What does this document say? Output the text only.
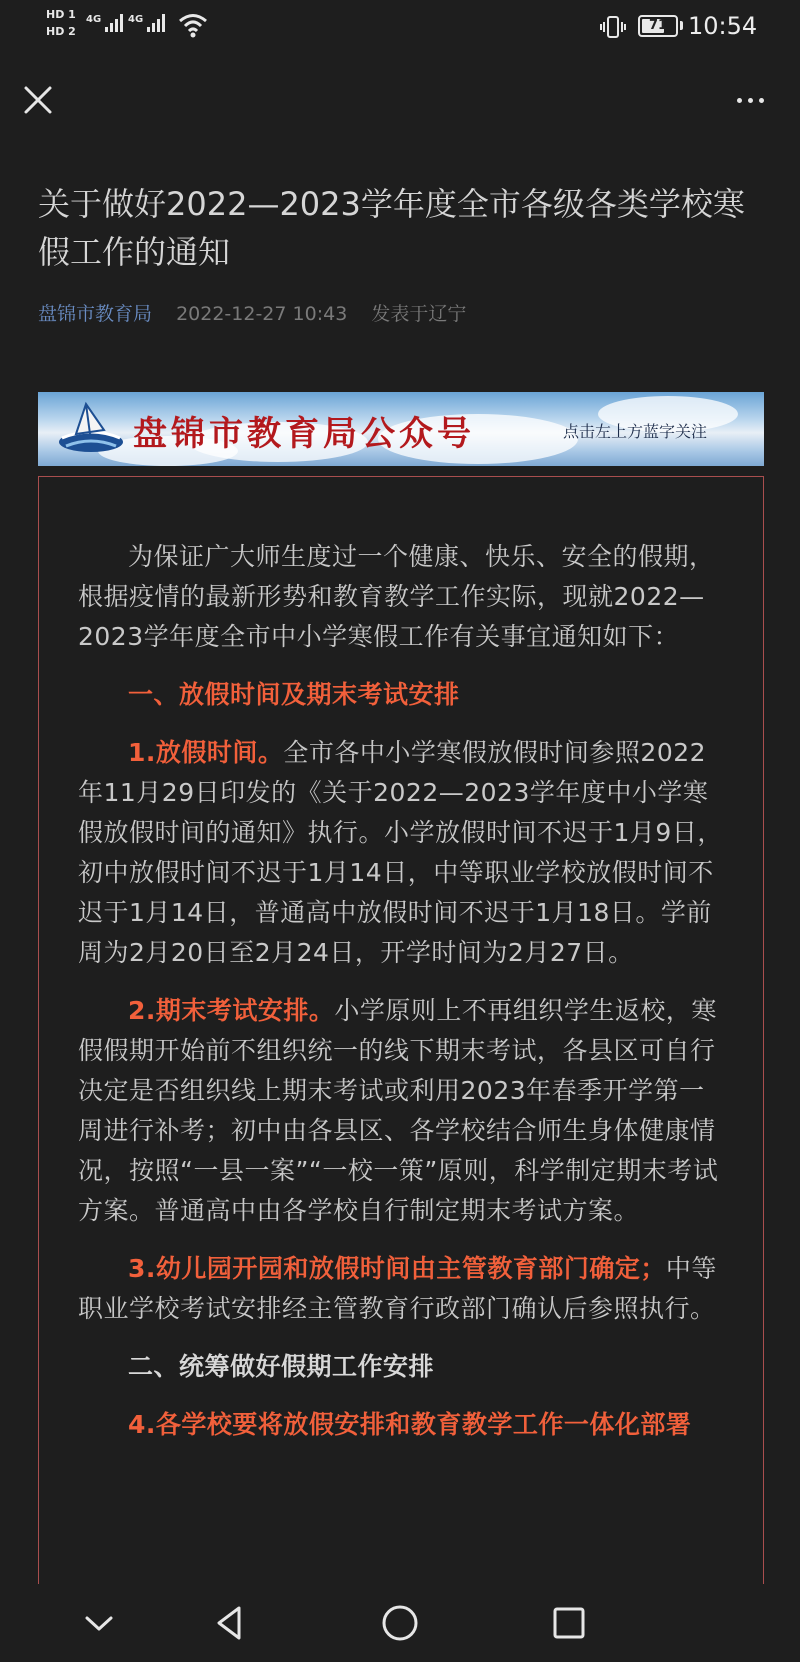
HD 1
HD 2
4G	4G	71 10:54
关于做好2022—2023学年度全市各级各类学校寒假工作的通知
盘锦市教育局 2022-12-27 10:43 发表于辽宁
盘锦市教育局公众号	点击左上方蓝字关注

为保证广大师生度过一个健康、快乐、安全的假期，根据疫情的最新形势和教育教学工作实际，现就2022—2023学年度全市中小学寒假工作有关事宜通知如下：

一、放假时间及期末考试安排

1.放假时间。全市各中小学寒假放假时间参照2022年11月29日印发的《关于2022—2023学年度中小学寒假放假时间的通知》执行。小学放假时间不迟于1月9日，初中放假时间不迟于1月14日，中等职业学校放假时间不迟于1月14日，普通高中放假时间不迟于1月18日。学前周为2月20日至2月24日，开学时间为2月27日。

2.期末考试安排。小学原则上不再组织学生返校，寒假假期开始前不组织统一的线下期末考试，各县区可自行决定是否组织线上期末考试或利用2023年春季开学第一周进行补考；初中由各县区、各学校结合师生身体健康情况，按照“一县一案”“一校一策”原则，科学制定期末考试方案。普通高中由各学校自行制定期末考试方案。

3.幼儿园开园和放假时间由主管教育部门确定；中等职业学校考试安排经主管教育行政部门确认后参照执行。

二、统筹做好假期工作安排

4.各学校要将放假安排和教育教学工作一体化部署
